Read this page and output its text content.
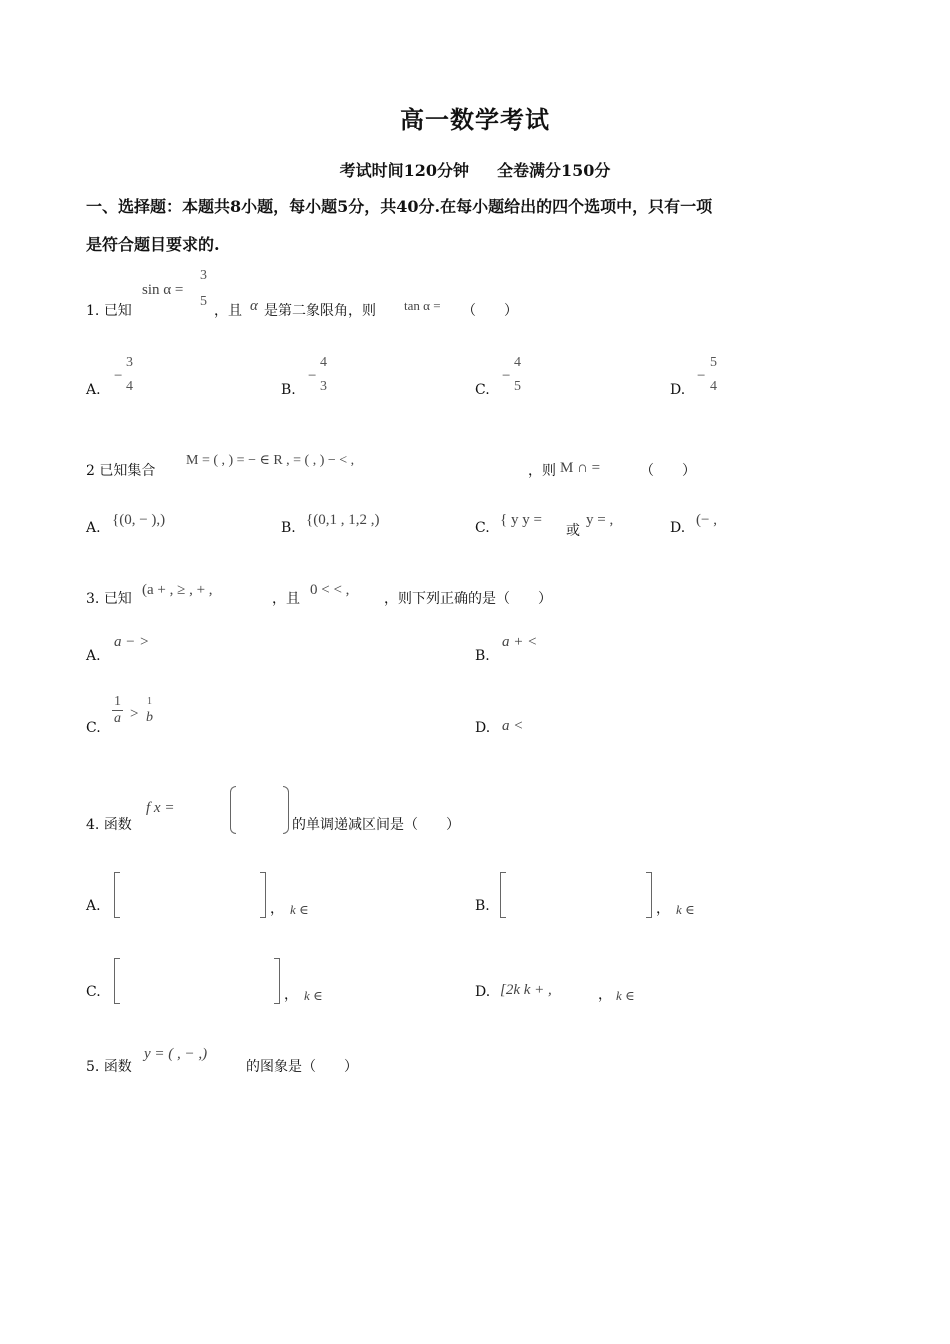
高一数学考试
考试时间120分钟 全卷满分150分
一、选择题：本题共8小题，每小题5分，共40分.在每小题给出的四个选项中，只有一项
是符合题目要求的.
1. 已知
sin α =
3
5
，且 α 是第二象限角，则 tan α = （　　）
A.
−
3
4	B.
−
4
3	C.
−
4
5	D.
−
5
4
2 已知集合
M = ( , ) = − ∈ R , = ( , ) − < ,
，则 M ∩ =	（　　）
A. {(0, − ),)	B. {(0,1 , 1,2 ,)	C. { y y =
或
y = ,	D. (− ,
3. 已知
(a + , ≥ , + ,
，且
0 < < ,
，则下列正确的是（　　）
A.
a − >
B.
a + <
C.
$\frac{1}{a}$ >
1
b
D. a <
4. 函数
f x =
的单调递减区间是（　　）
A.	， k ∈	B.	， k ∈
C.	， k ∈	D. [2k k + ,	， k ∈
5. 函数
y = ( , − ,)
的图象是（　　）
